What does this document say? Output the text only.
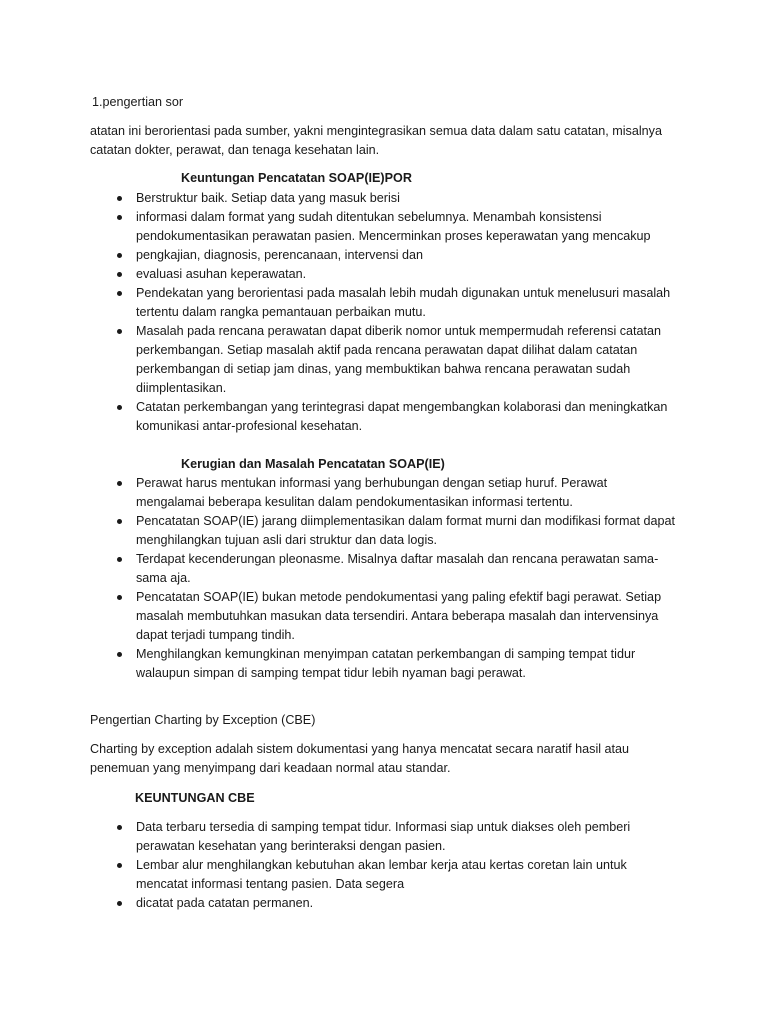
1.pengertian sor

atatan ini berorientasi pada sumber, yakni mengintegrasikan semua data dalam satu catatan, misalnya catatan dokter, perawat, dan tenaga kesehatan lain.

Keuntungan Pencatatan SOAP(IE)POR

Berstruktur baik. Setiap data yang masuk berisi
informasi dalam format yang sudah ditentukan sebelumnya. Menambah konsistensi pendokumentasikan perawatan pasien. Mencerminkan proses keperawatan yang mencakup
pengkajian, diagnosis, perencanaan, intervensi dan
evaluasi asuhan keperawatan.
Pendekatan yang berorientasi pada masalah lebih mudah digunakan untuk menelusuri masalah tertentu dalam rangka pemantauan perbaikan mutu.
Masalah pada rencana perawatan dapat diberik nomor untuk mempermudah referensi catatan perkembangan. Setiap masalah aktif pada rencana perawatan dapat dilihat dalam catatan perkembangan di setiap jam dinas, yang membuktikan bahwa rencana perawatan sudah diimplentasikan.
Catatan perkembangan yang terintegrasi dapat mengembangkan kolaborasi dan meningkatkan komunikasi antar-profesional kesehatan.

Kerugian dan Masalah Pencatatan SOAP(IE)

Perawat harus mentukan informasi yang berhubungan dengan setiap huruf. Perawat mengalamai beberapa kesulitan dalam pendokumentasikan informasi tertentu.
Pencatatan SOAP(IE) jarang diimplementasikan dalam format murni dan modifikasi format dapat menghilangkan tujuan asli dari struktur dan data logis.
Terdapat kecenderungan pleonasme. Misalnya daftar masalah dan rencana perawatan sama-sama aja.
Pencatatan SOAP(IE) bukan metode pendokumentasi yang paling efektif bagi perawat. Setiap masalah membutuhkan masukan data tersendiri. Antara beberapa masalah dan intervensinya dapat terjadi tumpang tindih.
Menghilangkan kemungkinan menyimpan catatan perkembangan di samping tempat tidur walaupun simpan di samping tempat tidur lebih nyaman bagi perawat.

Pengertian Charting by Exception (CBE)

Charting by exception adalah sistem dokumentasi yang hanya mencatat secara naratif hasil atau penemuan yang menyimpang dari keadaan normal atau standar.

KEUNTUNGAN CBE

Data terbaru tersedia di samping tempat tidur. Informasi siap untuk diakses oleh pemberi perawatan kesehatan yang berinteraksi dengan pasien.
Lembar alur menghilangkan kebutuhan akan lembar kerja atau kertas coretan lain untuk mencatat informasi tentang pasien. Data segera
dicatat pada catatan permanen.
